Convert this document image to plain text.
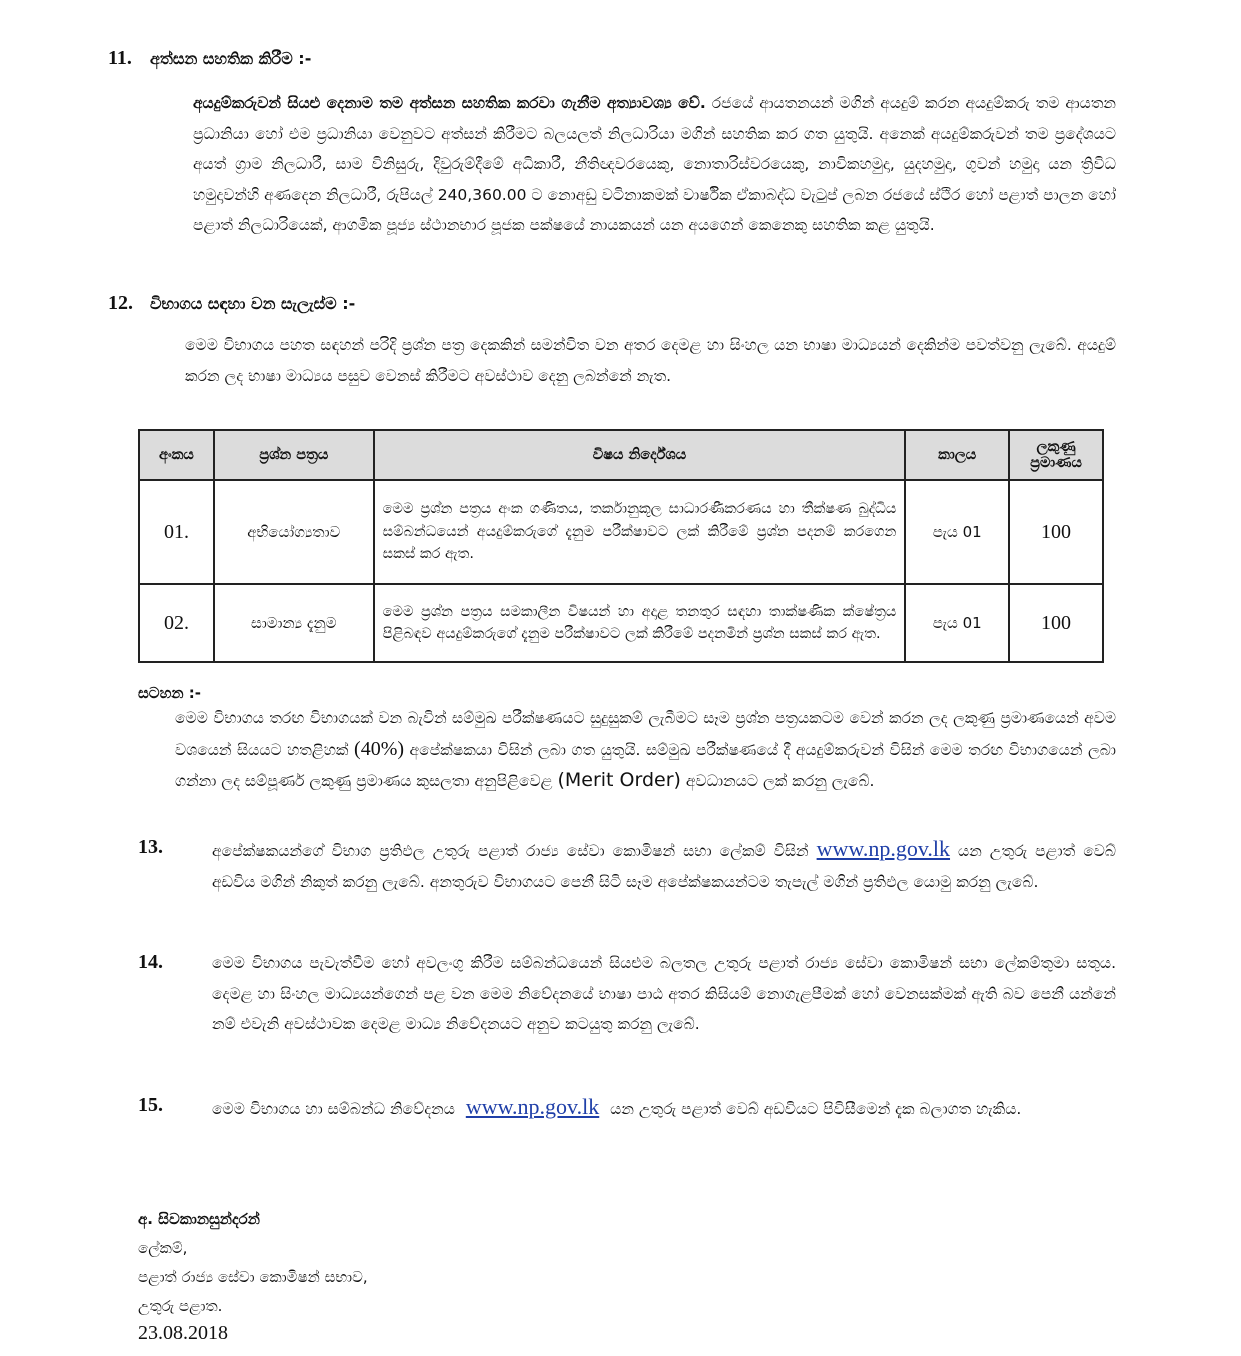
11. අත්සන සහතික කිරීම :-
අයදුම්කරුවන් සියළු දෙනාම තම අත්සන සහතික කරවා ගැනීම අත්‍යාවශ්‍ය වේ. රජයේ ආයතනයන් මගින් අයදුම් කරන අයදුම්කරු තම ආයතන ප්‍රධානියා හෝ එම ප්‍රධානියා වෙනුවට අත්සන් කිරීමට බලයලත් නිලධාරියා මගින් සහතික කර ගත යුතුයි. අනෙක් අයදුම්කරුවන් තම ප්‍රදේශයට අයත් ග්‍රාම නිලධාරී, සාම විනිසුරු, දිවුරුම්දීමේ අධිකාරී, නීතිඥවරයෙකු, නොතාරිස්වරයෙකු, නාවිකහමුදා, යුදහමුදා, ගුවන් හමුදා යන ත්‍රිවිධ හමුදාවන්හි අණදෙන නිලධාරී, රුපියල් 240,360.00 ට නොඅඩු වටිනාකමක් වාර්ෂික ඒකාබද්ධ වැටුප් ලබන රජයේ ස්ථිර හෝ පළාත් පාලන හෝ පළාත් නිලධාරියෙක්, ආගමික පූජ්‍ය ස්ථානභාර පූජක පක්ෂයේ නායකයන් යන අයගෙන් කෙනෙකු සහතික කළ යුතුයි.
12. විභාගය සඳහා වන සැලැස්ම :-
මෙම විභාගය පහත සඳහන් පරිදි ප්‍රශ්න පත්‍ර දෙකකින් සමන්විත වන අතර දෙමළ හා සිංහල යන භාෂා මාධ්‍යයන් දෙකින්ම පවත්වනු ලැබේ. අයදුම් කරන ලද භාෂා මාධ්‍යය පසුව වෙනස් කිරීමට අවස්ථාව දෙනු ලබන්නේ නැත.
අංකය	ප්‍රශ්න පත්‍රය	විෂය නිර්දේශය	කාලය	ලකුණු ප්‍රමාණය
01.	අභියෝග්‍යතාව	මෙම ප්‍රශ්න පත්‍රය අංක ගණිතය, තර්කානුකූල සාධාරණීකරණය හා තීක්ෂණ බුද්ධිය සම්බන්ධයෙන් අයදුම්කරුගේ දැනුම පරීක්ෂාවට ලක් කිරීමේ ප්‍රශ්න පදනම් කරගෙන සකස් කර ඇත.	පැය 01	100
02.	සාමාන්‍ය දැනුම	මෙම ප්‍රශ්න පත්‍රය සමකාලීන විෂයන් හා අදාළ තනතුර සඳහා තාක්ෂණික ක්ෂේත්‍රය පිළිබඳව අයදුම්කරුගේ දැනුම පරීක්ෂාවට ලක් කිරීමේ පදනමින් ප්‍රශ්න සකස් කර ඇත.	පැය 01	100
සටහන :-
මෙම විභාගය තරඟ විභාගයක් වන බැවින් සම්මුඛ පරීක්ෂණයට සුදුසුකම් ලැබීමට සෑම ප්‍රශ්න පත්‍රයකටම වෙන් කරන ලද ලකුණු ප්‍රමාණයෙන් අවම වශයෙන් සියයට හතළිහක් (40%) අපේක්ෂකයා විසින් ලබා ගත යුතුයි. සම්මුඛ පරීක්ෂණයේ දී අයදුම්කරුවන් විසින් මෙම තරඟ විභාගයෙන් ලබා ගන්නා ලද සම්පූර්ණ ලකුණු ප්‍රමාණය කුසලතා අනුපිළිවෙළ (Merit Order) අවධානයට ලක් කරනු ලැබේ.
13.	අපේක්ෂකයන්ගේ විභාග ප්‍රතිඵල උතුරු පළාත් රාජ්‍ය සේවා කොමිෂන් සභා ලේකම් විසින් www.np.gov.lk යන උතුරු පළාත් වෙබ් අඩවිය මගින් නිකුත් කරනු ලැබේ. අනතුරුව විභාගයට පෙනී සිටි සෑම අපේක්ෂකයන්ටම තැපැල් මගින් ප්‍රතිඵල යොමු කරනු ලැබේ.
14.	මෙම විභාගය පැවැත්වීම හෝ අවලංගු කිරීම සම්බන්ධයෙන් සියළුම බලතල උතුරු පළාත් රාජ්‍ය සේවා කොමිෂන් සභා ලේකම්තුමා සතුය. දෙමළ හා සිංහල මාධ්‍යයන්ගෙන් පළ වන මෙම නිවේදනයේ භාෂා පාඨ අතර කිසියම් නොගැළපීමක් හෝ වෙනසක්මක් ඇති බව පෙනී යන්නේ නම් එවැනි අවස්ථාවක දෙමළ මාධ්‍ය නිවේදනයට අනුව කටයුතු කරනු ලැබේ.
15.	මෙම විභාගය හා සම්බන්ධ නිවේදනය www.np.gov.lk යන උතුරු පළාත් වෙබ් අඩවියට පිවිසීමෙන් දැක බලාගත හැකිය.
අ. සිවකානසුන්දරන්
ලේකම්,
පළාත් රාජ්‍ය සේවා කොමිෂන් සභාව,
උතුරු පළාත.
23.08.2018
